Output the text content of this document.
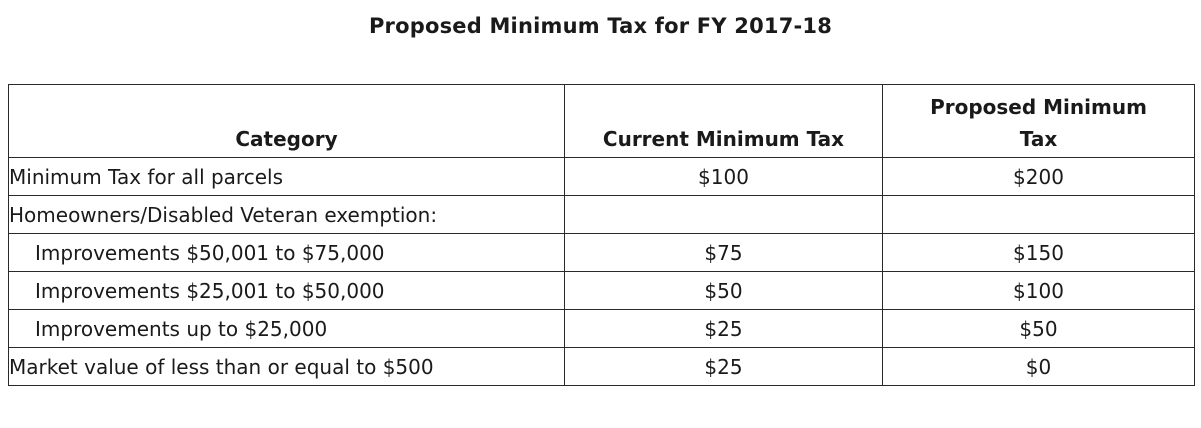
Proposed Minimum Tax for FY 2017-18
Category	Current Minimum Tax	Proposed Minimum Tax
Minimum Tax for all parcels	$100	$200
Homeowners/Disabled Veteran exemption:		
Improvements $50,001 to $75,000	$75	$150
Improvements $25,001 to $50,000	$50	$100
Improvements up to $25,000	$25	$50
Market value of less than or equal to $500	$25	$0
